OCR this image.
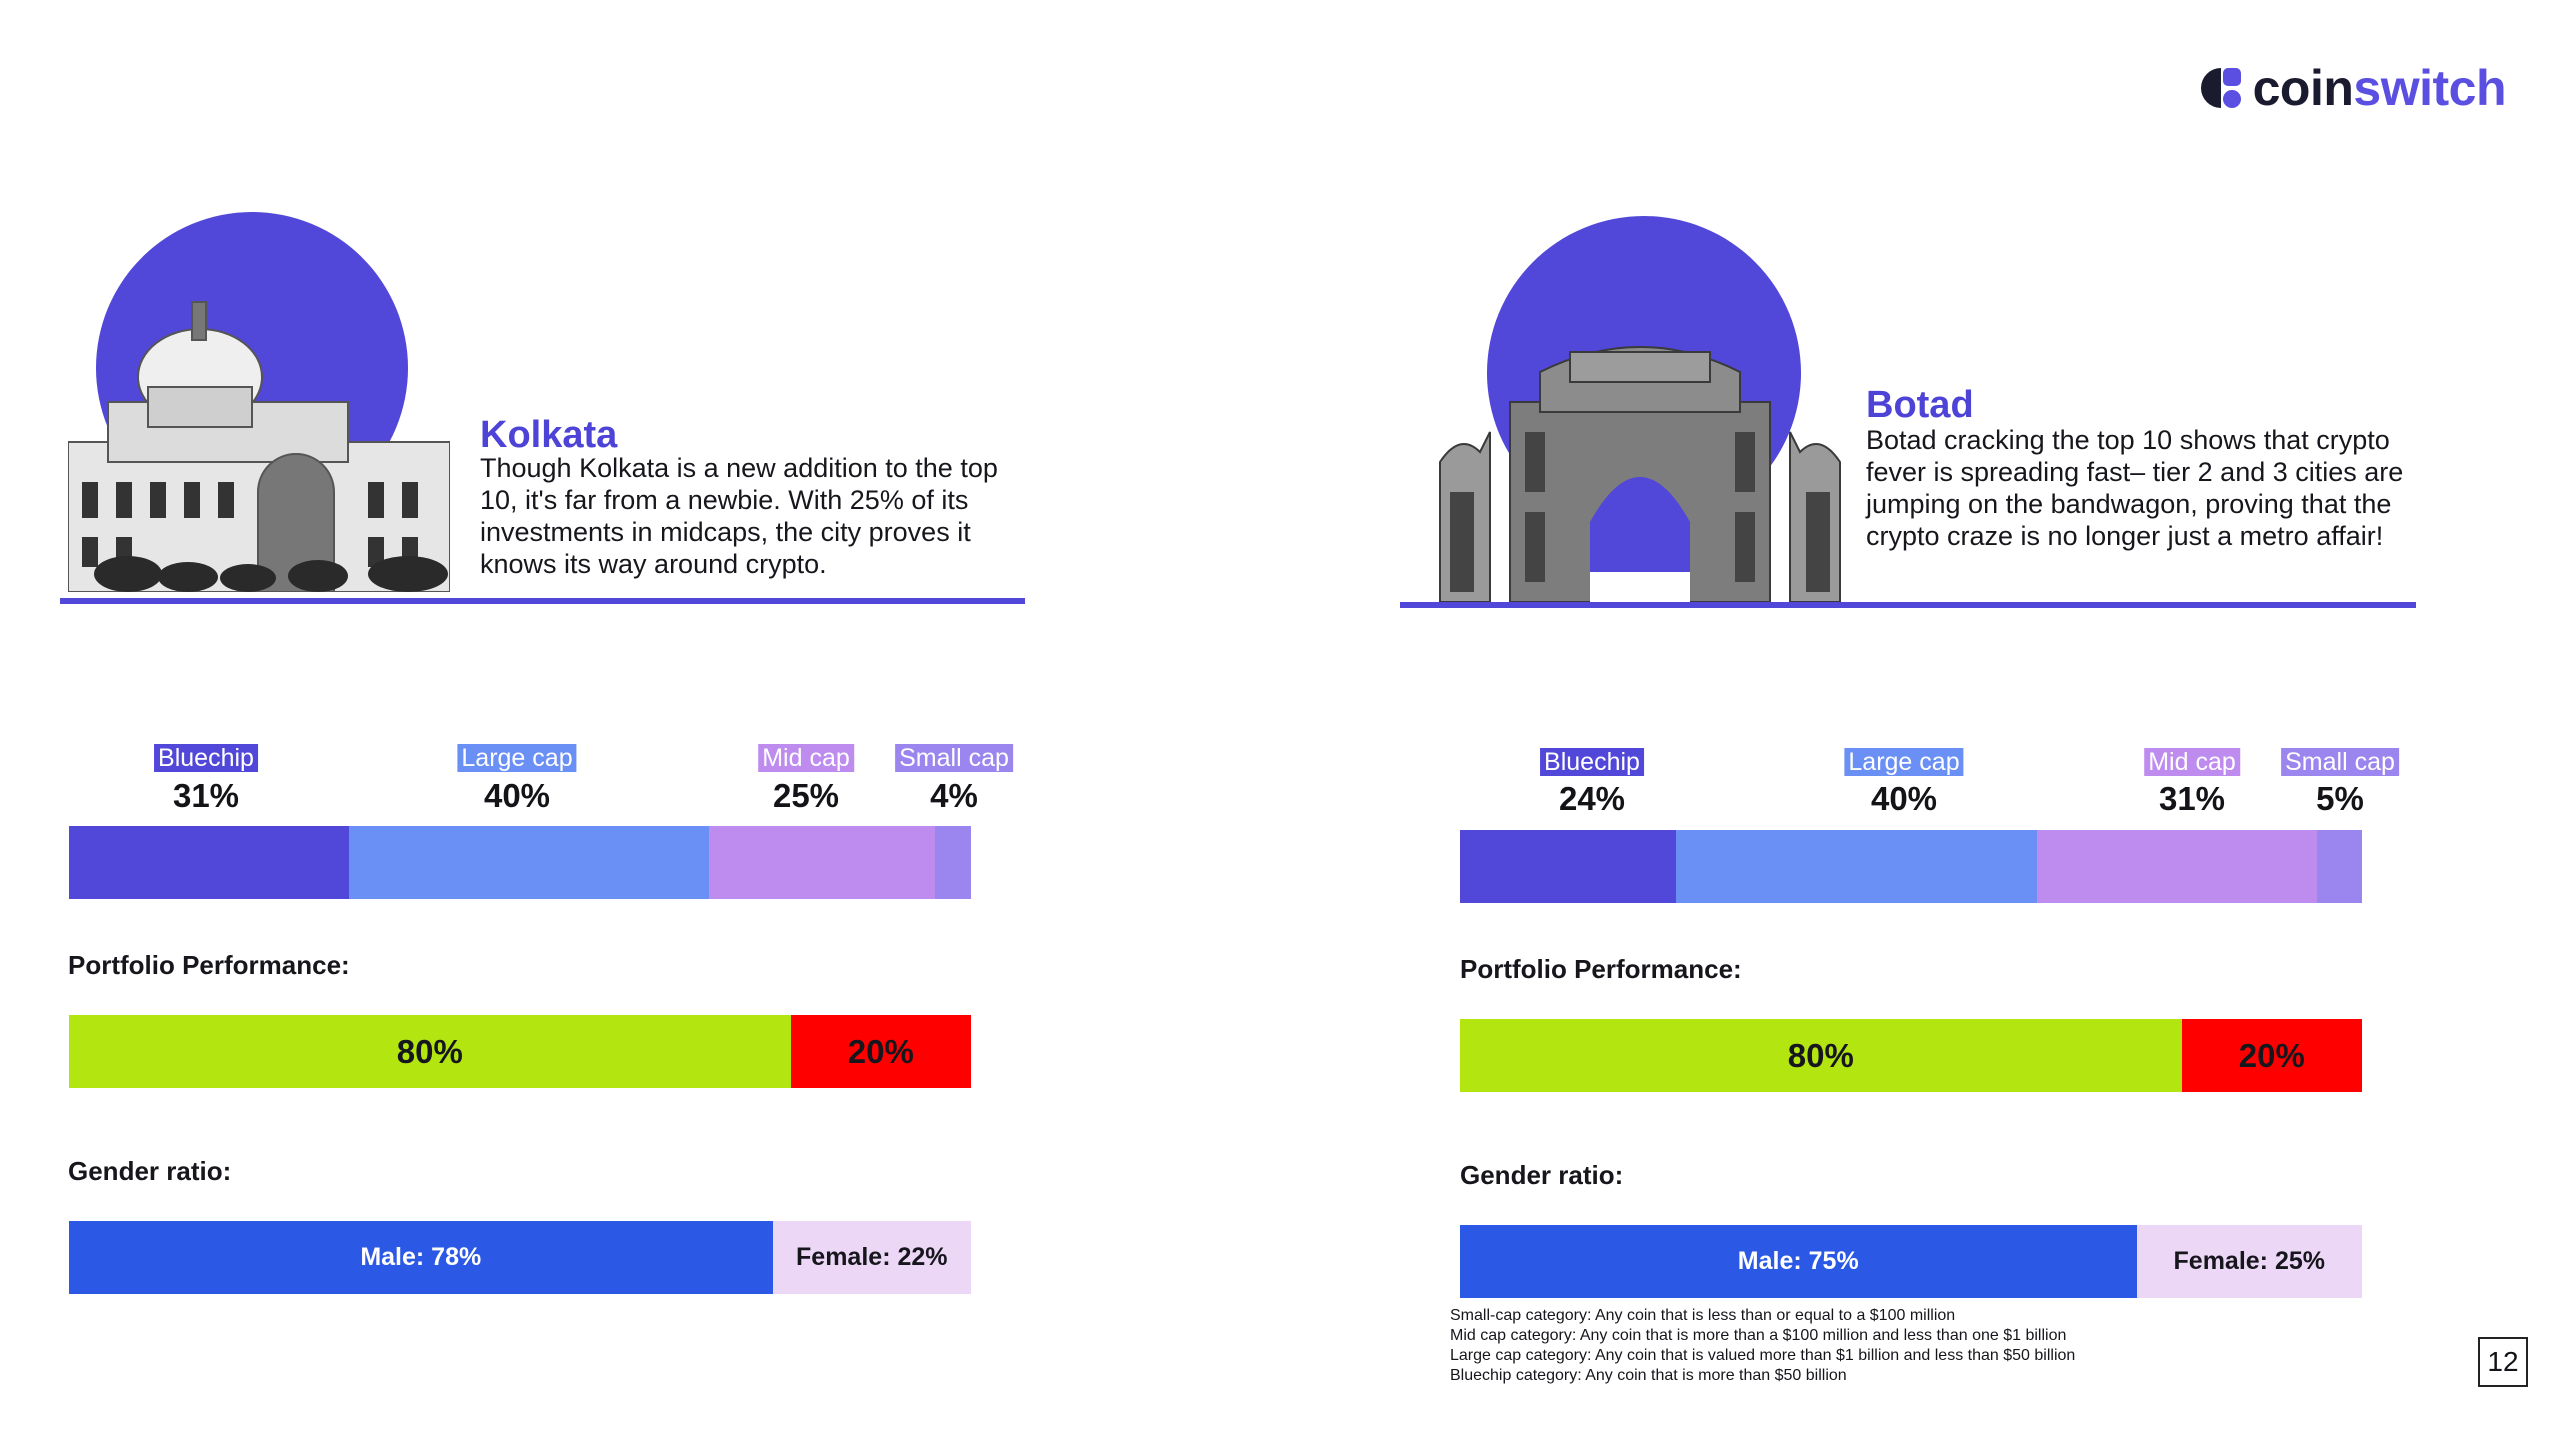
coinswitch
Kolkata
Though Kolkata is a new addition to the top 10, it's far from a newbie. With 25% of its investments in midcaps, the city proves it knows its way around crypto.
Bluechip	Large cap	Mid cap Small cap
31%	40%	25%	4%
Portfolio Performance:
80%	20%
Gender ratio:
Male: 78%	Female: 22%
Botad
Botad cracking the top 10 shows that crypto fever is spreading fast– tier 2 and 3 cities are jumping on the bandwagon, proving that the crypto craze is no longer just a metro affair!
Bluechip	Large cap	Mid cap Small cap
24%	40%	31%	5%
Portfolio Performance:
80%	20%
Gender ratio:
Male: 75%	Female: 25%
Small-cap category: Any coin that is less than or equal to a $100 million
Mid cap category: Any coin that is more than a $100 million and less than one $1 billion
Large cap category: Any coin that is valued more than $1 billion and less than $50 billion
Bluechip category: Any coin that is more than $50 billion	12
